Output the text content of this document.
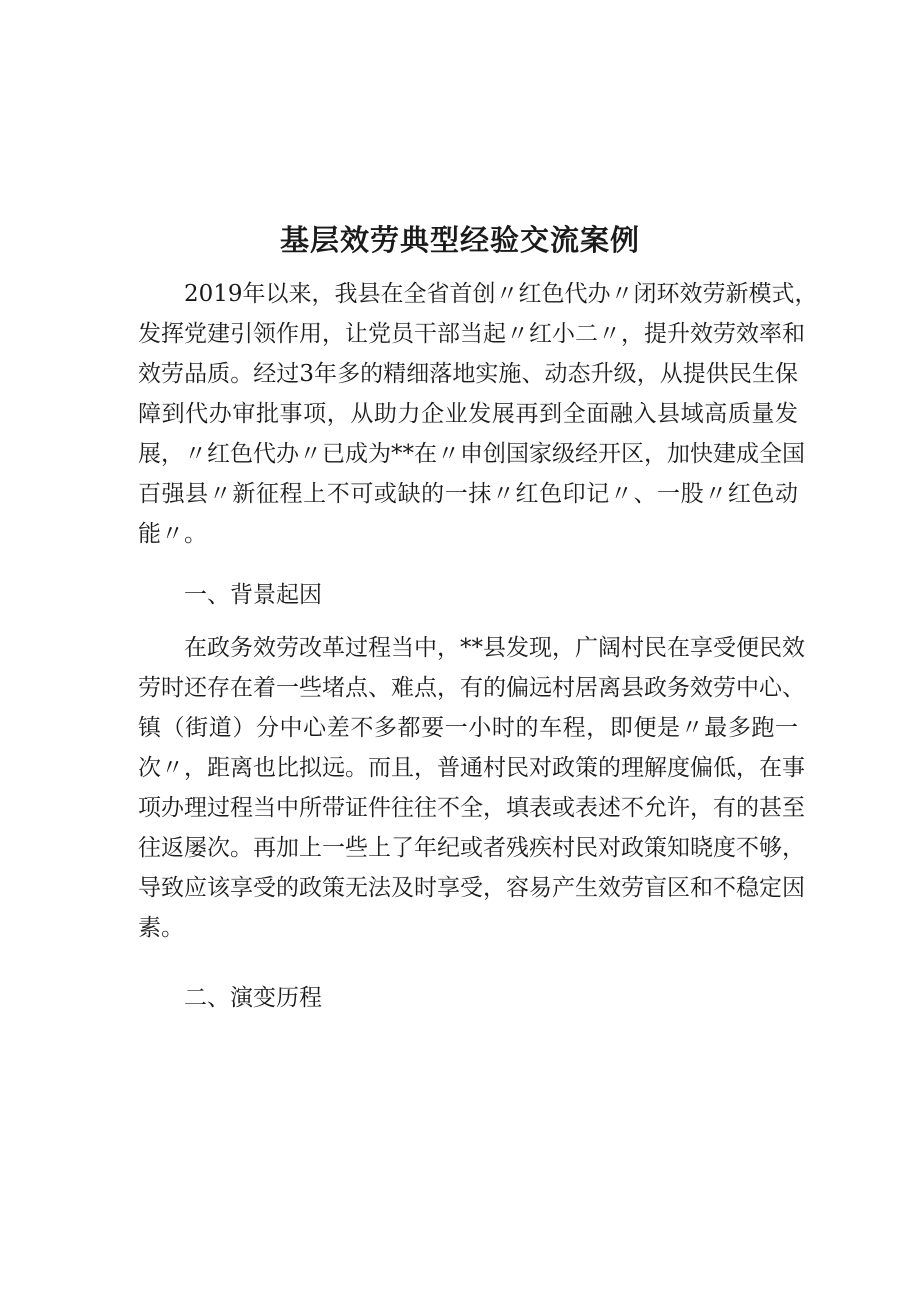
基层效劳典型经验交流案例
2019年以来，我县在全省首创〃红色代办〃闭环效劳新模式，
发挥党建引领作用，让党员干部当起〃红小二〃，提升效劳效率和
效劳品质。经过3年多的精细落地实施、动态升级，从提供民生保
障到代办审批事项，从助力企业发展再到全面融入县域高质量发
展，〃红色代办〃已成为**在〃申创国家级经开区，加快建成全国
百强县〃新征程上不可或缺的一抹〃红色印记〃、一股〃红色动
能〃。
一、背景起因
在政务效劳改革过程当中，**县发现，广阔村民在享受便民效
劳时还存在着一些堵点、难点，有的偏远村居离县政务效劳中心、
镇（街道）分中心差不多都要一小时的车程，即便是〃最多跑一
次〃，距离也比拟远。而且，普通村民对政策的理解度偏低，在事
项办理过程当中所带证件往往不全，填表或表述不允许，有的甚至
往返屡次。再加上一些上了年纪或者残疾村民对政策知晓度不够，
导致应该享受的政策无法及时享受，容易产生效劳盲区和不稳定因
素。
二、演变历程
